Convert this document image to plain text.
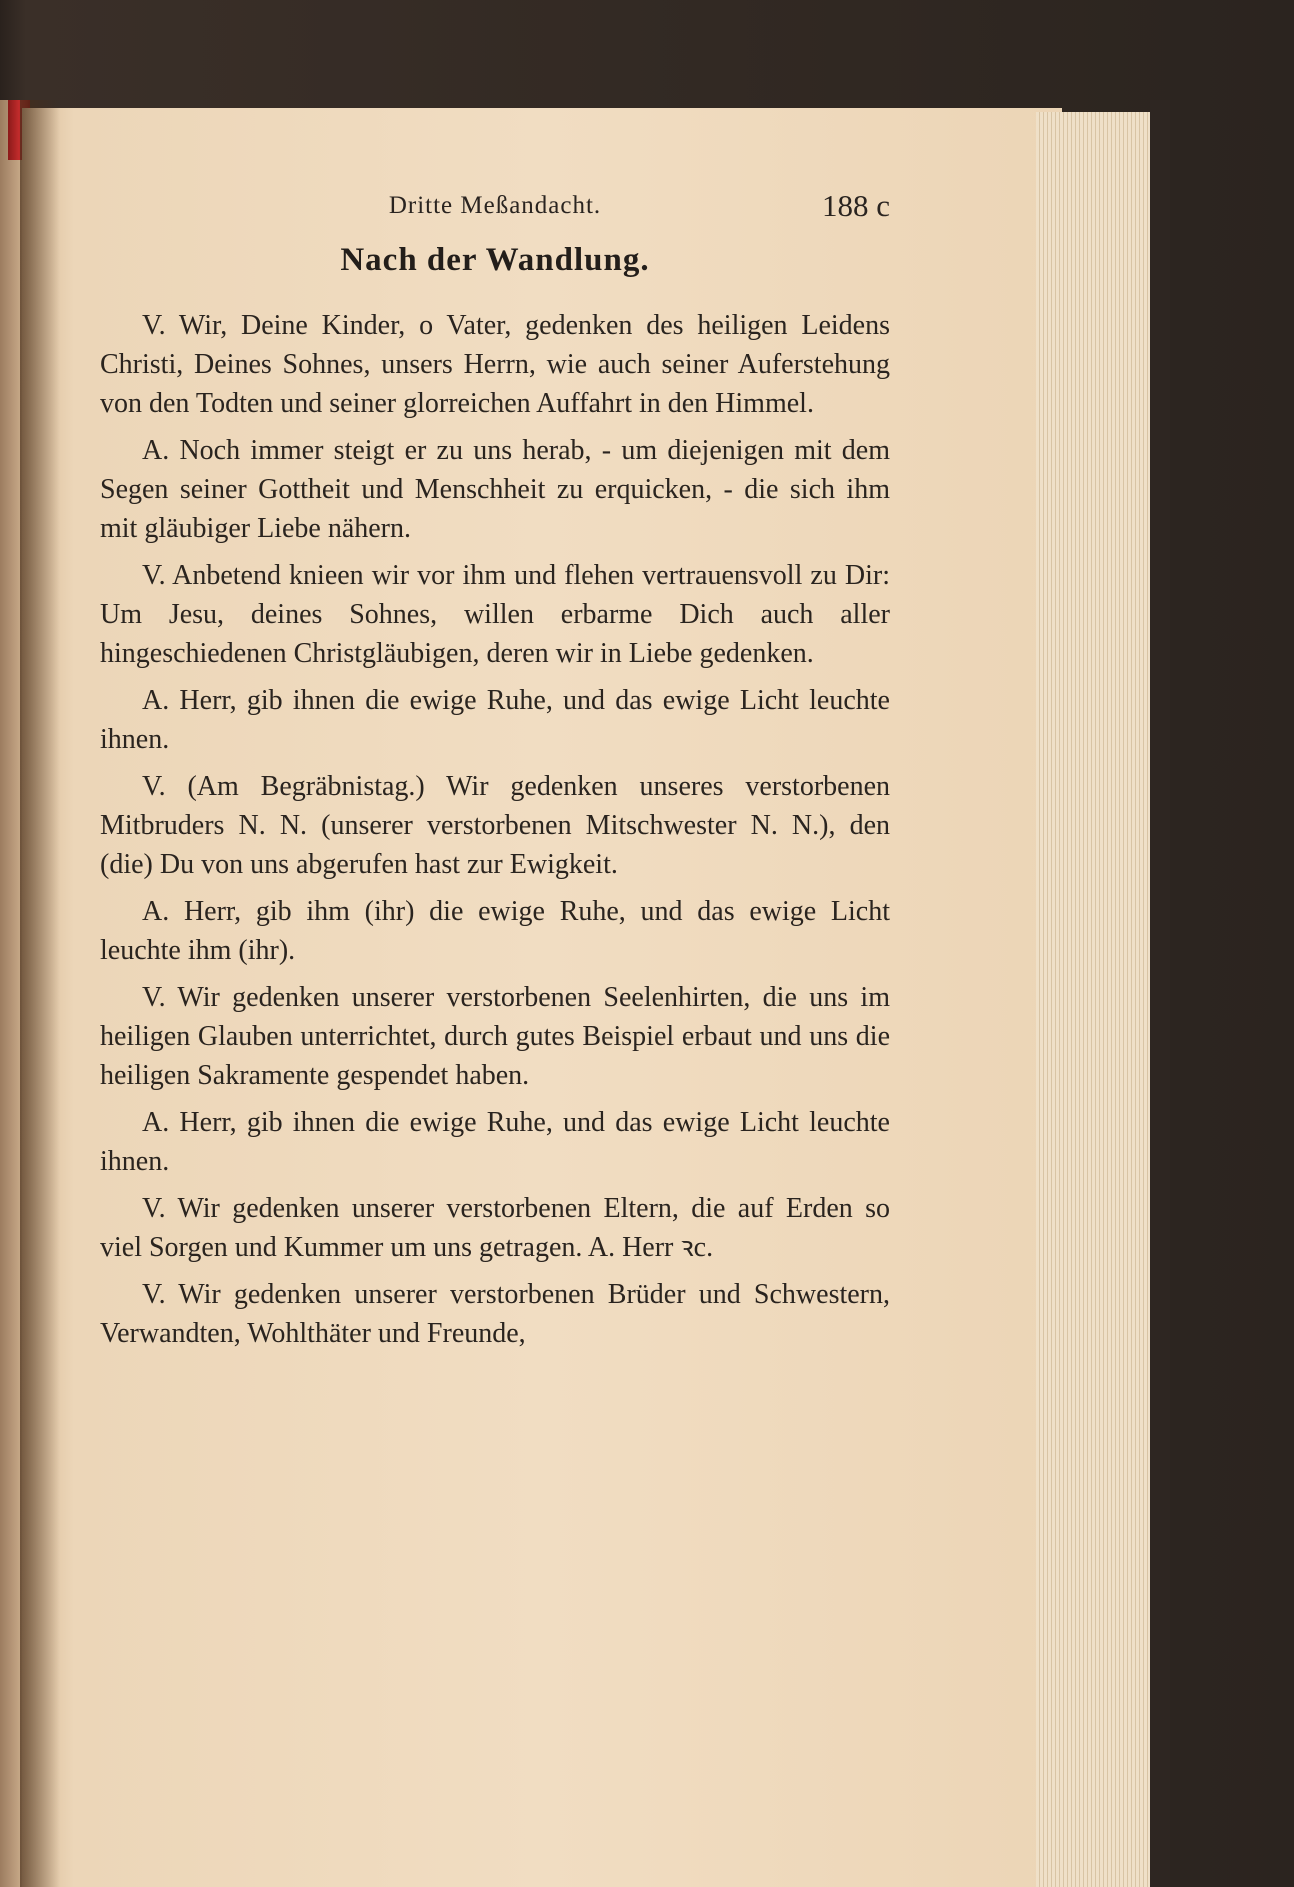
Dritte Meßandacht.	188 c
Nach der Wandlung.

V. Wir, Deine Kinder, o Vater, gedenken des heiligen Leidens Christi, Deines Sohnes, unsers Herrn, wie auch seiner Auferstehung von den Todten und seiner glorreichen Auffahrt in den Himmel.

A. Noch immer steigt er zu uns herab, - um diejenigen mit dem Segen seiner Gottheit und Menschheit zu erquicken, - die sich ihm mit gläubiger Liebe nähern.

V. Anbetend knieen wir vor ihm und flehen vertrauensvoll zu Dir: Um Jesu, deines Sohnes, willen erbarme Dich auch aller hingeschiedenen Christgläubigen, deren wir in Liebe gedenken.

A. Herr, gib ihnen die ewige Ruhe, und das ewige Licht leuchte ihnen.

V. (Am Begräbnistag.) Wir gedenken unseres verstorbenen Mitbruders N. N. (unserer verstorbenen Mitschwester N. N.), den (die) Du von uns abgerufen hast zur Ewigkeit.

A. Herr, gib ihm (ihr) die ewige Ruhe, und das ewige Licht leuchte ihm (ihr).

V. Wir gedenken unserer verstorbenen Seelenhirten, die uns im heiligen Glauben unterrichtet, durch gutes Beispiel erbaut und uns die heiligen Sakramente gespendet haben.

A. Herr, gib ihnen die ewige Ruhe, und das ewige Licht leuchte ihnen.

V. Wir gedenken unserer verstorbenen Eltern, die auf Erden so viel Sorgen und Kummer um uns getragen. A. Herr ꝛc.

V. Wir gedenken unserer verstorbenen Brüder und Schwestern, Verwandten, Wohlthäter und Freunde,
